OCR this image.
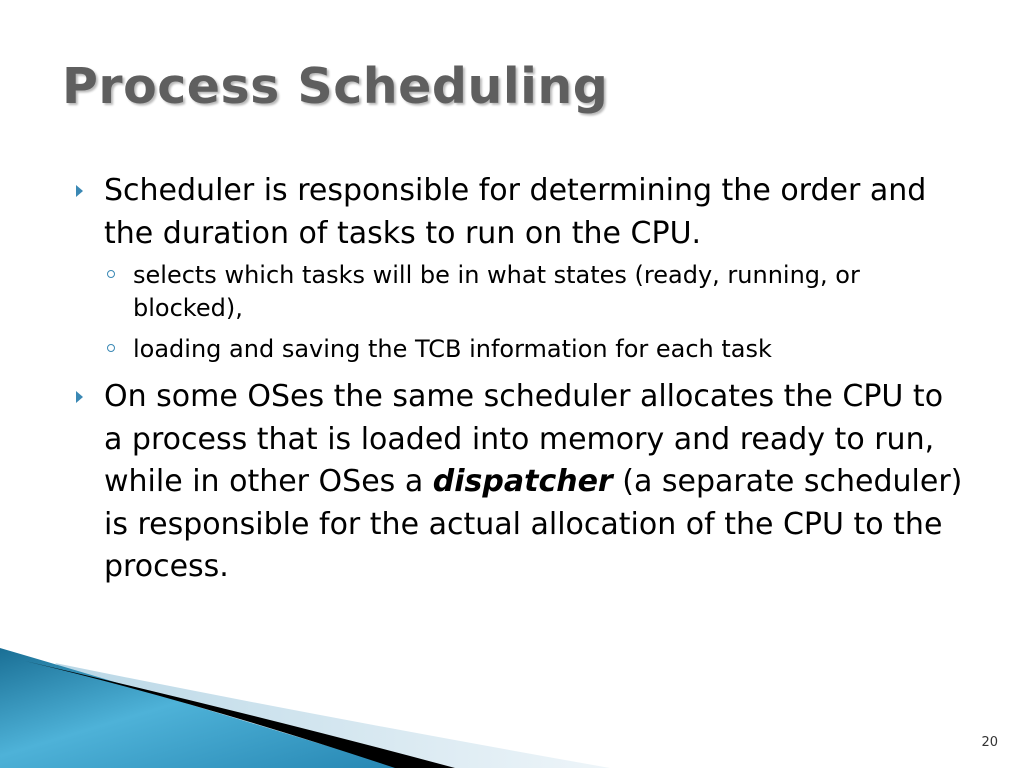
Process Scheduling
Scheduler is responsible for determining the order and the duration of tasks to run on the CPU.
selects which tasks will be in what states (ready, running, or blocked),
loading and saving the TCB information for each task
On some OSes the same scheduler allocates the CPU to a process that is loaded into memory and ready to run, while in other OSes a dispatcher (a separate scheduler) is responsible for the actual allocation of the CPU to the process.
20
